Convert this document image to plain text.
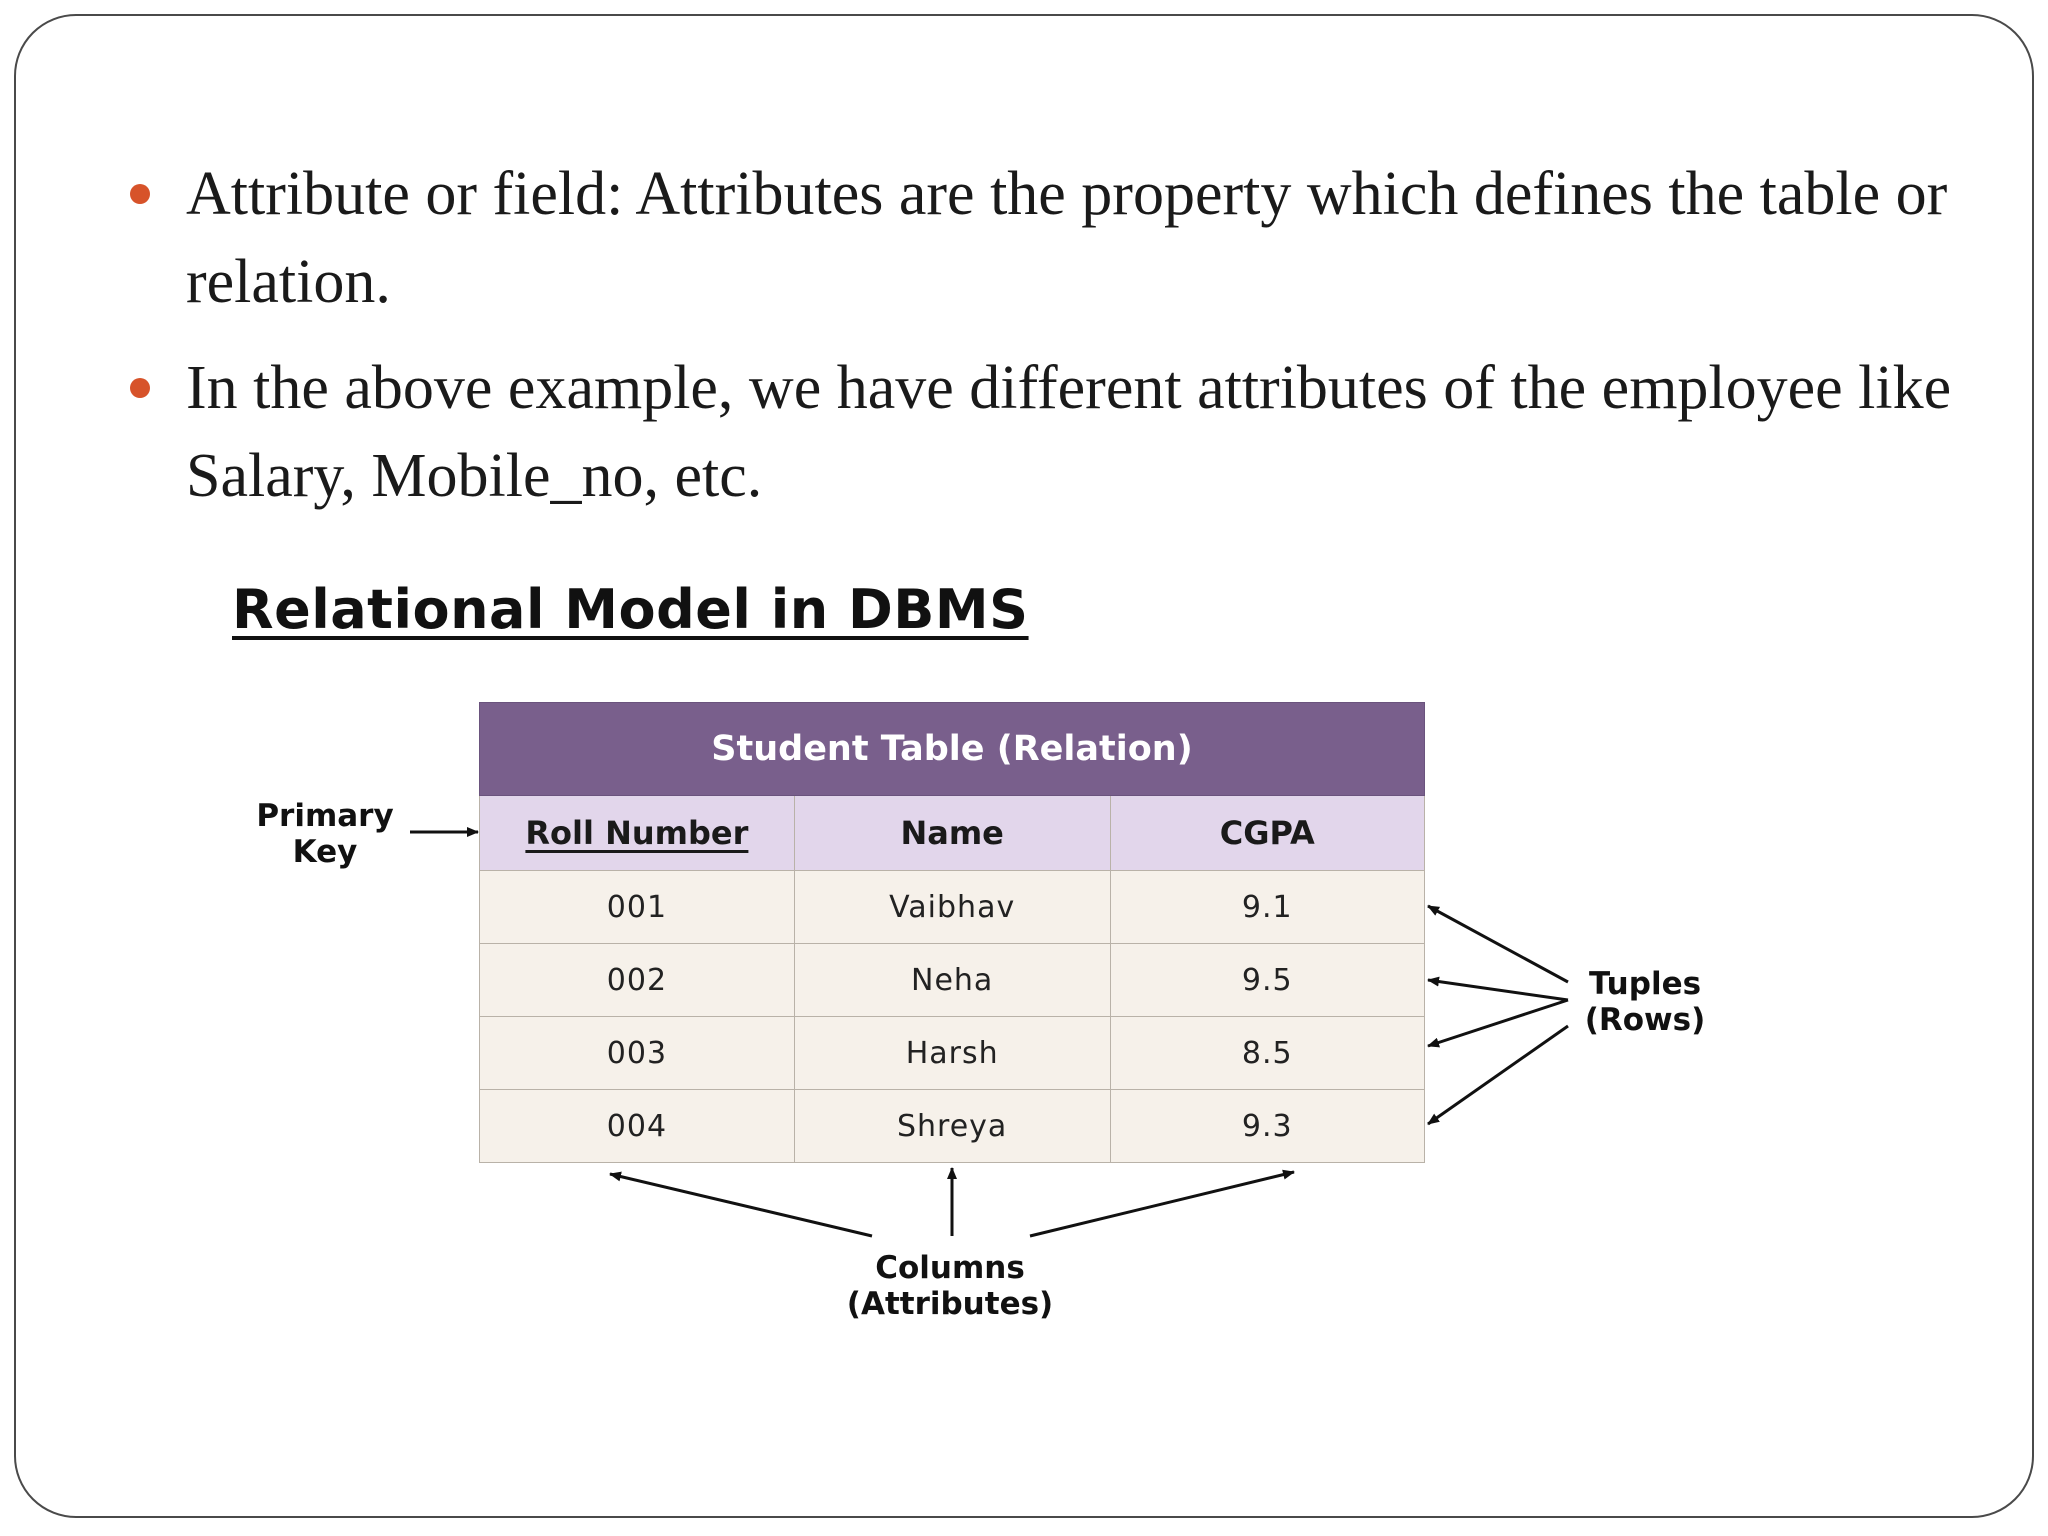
Attribute or field: Attributes are the property which defines the table or relation.
In the above example, we have different attributes of the employee like Salary, Mobile_no, etc.
Relational Model in DBMS
Student Table (Relation)		
Roll Number	Name	CGPA
001	Vaibhav	9.1
002	Neha	9.5
003	Harsh	8.5
004	Shreya	9.3
Primary
Key
Tuples
(Rows)
Columns
(Attributes)
